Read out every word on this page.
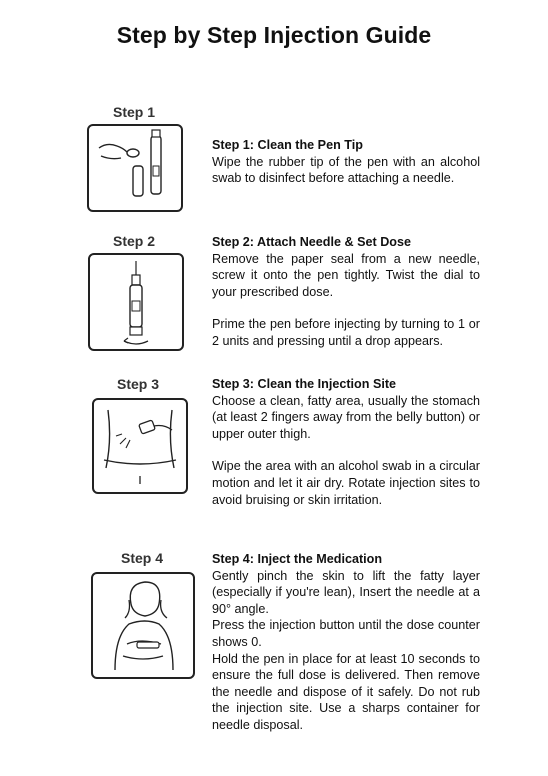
Step by Step Injection Guide
Step 1

Step 1: Clean the Pen Tip

Wipe the rubber tip of the pen with an alcohol swab to disinfect before attaching a needle.

Step 2	Step 2: Attach Needle & Set Dose

Remove the paper seal from a new needle, screw it onto the pen tightly. Twist the dial to your prescribed dose.

Prime the pen before injecting by turning to 1 or 2 units and pressing until a drop appears.

Step 3	Step 3: Clean the Injection Site

Choose a clean, fatty area, usually the stomach (at least 2 fingers away from the belly button) or upper outer thigh.

Wipe the area with an alcohol swab in a circular motion and let it air dry. Rotate injection sites to avoid bruising or skin irritation.

Step 4	Step 4: Inject the Medication

Gently pinch the skin to lift the fatty layer (especially if you're lean), Insert the needle at a 90° angle.

Press the injection button until the dose counter shows 0.

Hold the pen in place for at least 10 seconds to ensure the full dose is delivered. Then remove the needle and dispose of it safely. Do not rub the injection site. Use a sharps container for needle disposal.
